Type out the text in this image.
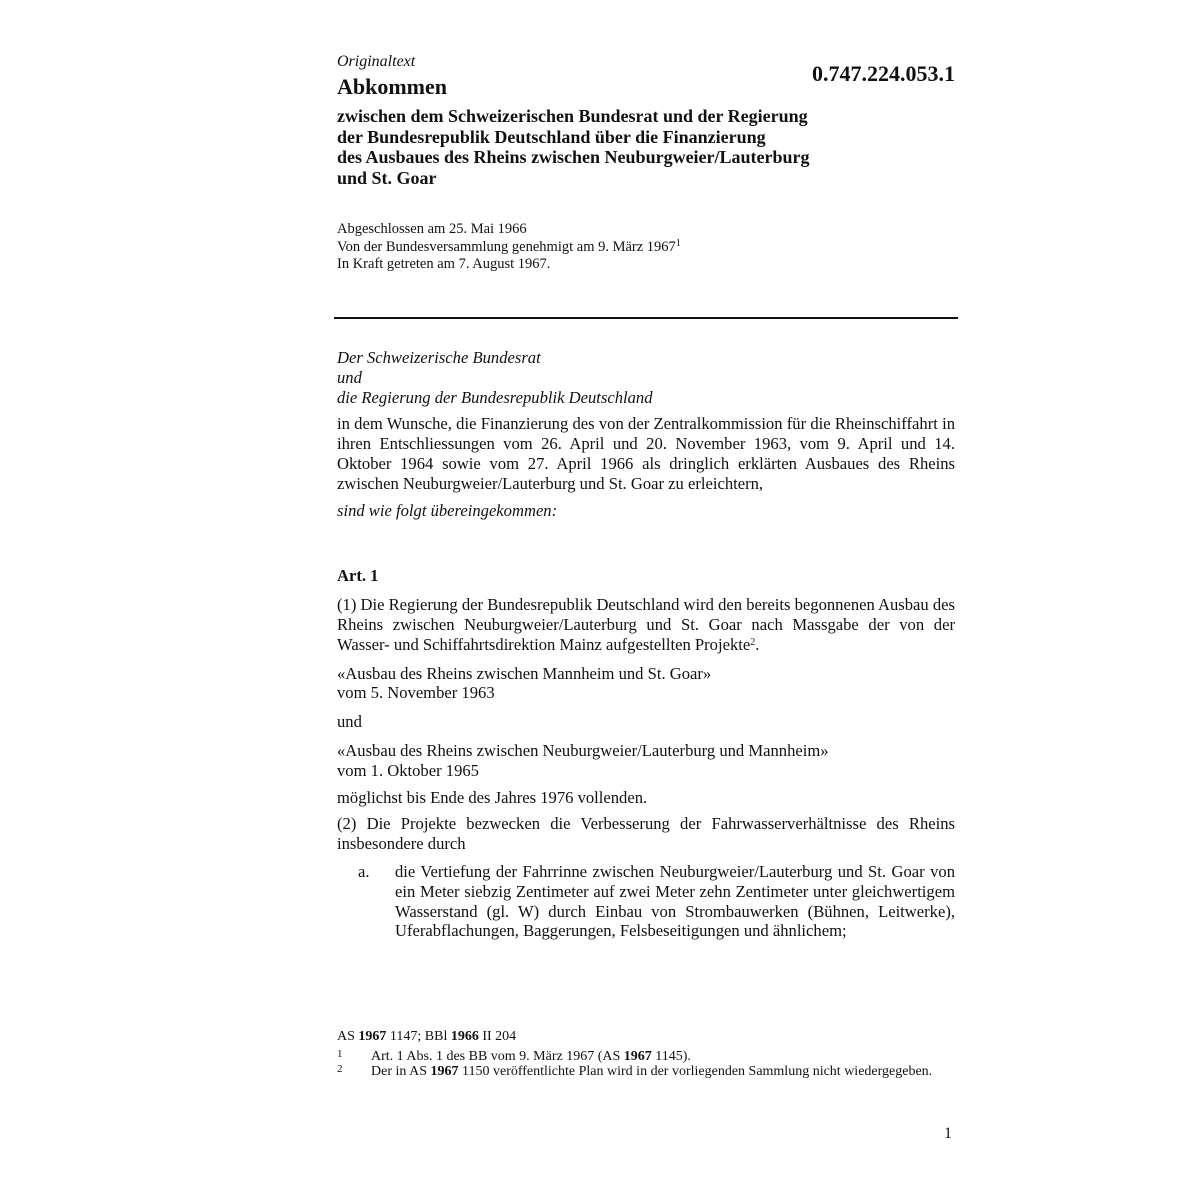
Originaltext	0.747.224.053.1
Abkommen
zwischen dem Schweizerischen Bundesrat und der Regierung
der Bundesrepublik Deutschland über die Finanzierung
des Ausbaues des Rheins zwischen Neuburgweier/Lauterburg
und St. Goar
Abgeschlossen am 25. Mai 1966
Von der Bundesversammlung genehmigt am 9. März 1967$^1$
In Kraft getreten am 7. August 1967.

Der Schweizerische Bundesrat

und

die Regierung der Bundesrepublik Deutschland

in dem Wunsche, die Finanzierung des von der Zentralkommission für die Rheinschiffahrt in ihren Entschliessungen vom 26. April und 20. November 1963, vom 9. April und 14. Oktober 1964 sowie vom 27. April 1966 als dringlich erklärten Ausbaues des Rheins zwischen Neuburgweier/Lauterburg und St. Goar zu erleichtern,

sind wie folgt übereingekommen:

Art. 1

(1) Die Regierung der Bundesrepublik Deutschland wird den bereits begonnenen Ausbau des Rheins zwischen Neuburgweier/Lauterburg und St. Goar nach Massgabe der von der Wasser- und Schiffahrtsdirektion Mainz aufgestellten Projekte$^2$.

«Ausbau des Rheins zwischen Mannheim und St. Goar»

vom 5. November 1963

und

«Ausbau des Rheins zwischen Neuburgweier/Lauterburg und Mannheim»

vom 1. Oktober 1965

möglichst bis Ende des Jahres 1976 vollenden.

(2) Die Projekte bezwecken die Verbesserung der Fahrwasserverhältnisse des Rheins insbesondere durch

a. die Vertiefung der Fahrrinne zwischen Neuburgweier/Lauterburg und St. Goar von ein Meter siebzig Zentimeter auf zwei Meter zehn Zentimeter unter gleichwertigem Wasserstand (gl. W) durch Einbau von Strombauwerken (Bühnen, Leitwerke), Uferabflachungen, Baggerungen, Felsbeseitigungen und ähnlichem;

AS 1967 1147; BBl 1966 II 204
1 Art. 1 Abs. 1 des BB vom 9. März 1967 (AS 1967 1145).
2 Der in AS 1967 1150 veröffentlichte Plan wird in der vorliegenden Sammlung nicht wiedergegeben.
1
